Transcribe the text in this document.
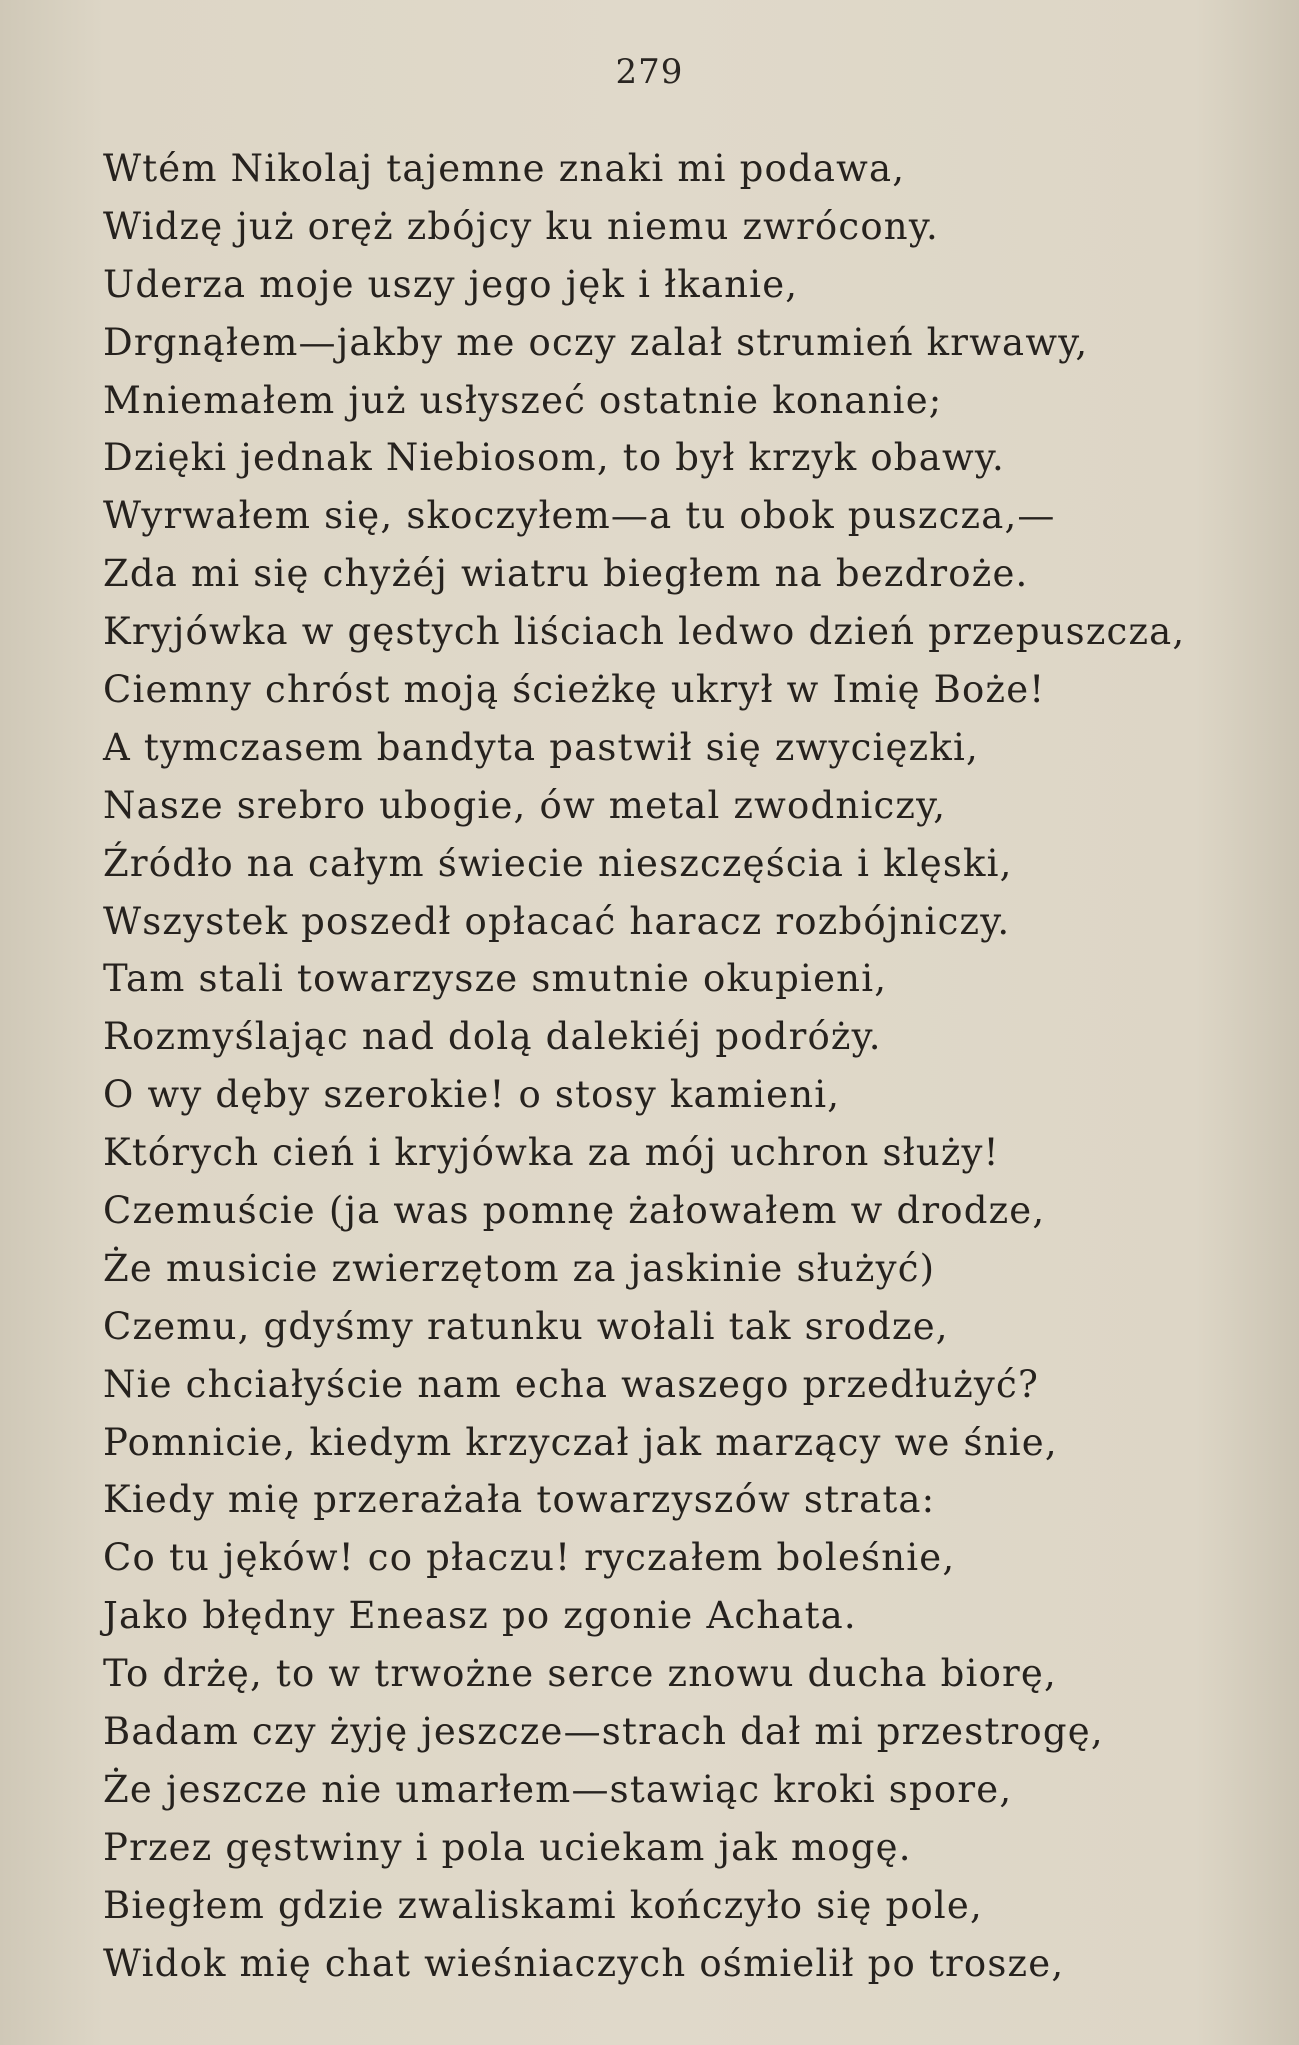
279
Wtém Nikolaj tajemne znaki mi podawa,
Widzę już oręż zbójcy ku niemu zwrócony.
Uderza moje uszy jego jęk i łkanie,
Drgnąłem—jakby me oczy zalał strumień krwawy,
Mniemałem już usłyszeć ostatnie konanie;
Dzięki jednak Niebiosom, to był krzyk obawy.
Wyrwałem się, skoczyłem—a tu obok puszcza,—
Zda mi się chyżéj wiatru biegłem na bezdroże.
Kryjówka w gęstych liściach ledwo dzień przepuszcza,
Ciemny chróst moją ścieżkę ukrył w Imię Boże!
A tymczasem bandyta pastwił się zwycięzki,
Nasze srebro ubogie, ów metal zwodniczy,
Źródło na całym świecie nieszczęścia i klęski,
Wszystek poszedł opłacać haracz rozbójniczy.
Tam stali towarzysze smutnie okupieni,
Rozmyślając nad dolą dalekiéj podróży.
O wy dęby szerokie! o stosy kamieni,
Których cień i kryjówka za mój uchron służy!
Czemuście (ja was pomnę żałowałem w drodze,
Że musicie zwierzętom za jaskinie służyć)
Czemu, gdyśmy ratunku wołali tak srodze,
Nie chciałyście nam echa waszego przedłużyć?
Pomnicie, kiedym krzyczał jak marzący we śnie,
Kiedy mię przerażała towarzyszów strata:
Co tu jęków! co płaczu! ryczałem boleśnie,
Jako błędny Eneasz po zgonie Achata.
To drżę, to w trwożne serce znowu ducha biorę,
Badam czy żyję jeszcze—strach dał mi przestrogę,
Że jeszcze nie umarłem—stawiąc kroki spore,
Przez gęstwiny i pola uciekam jak mogę.
Biegłem gdzie zwaliskami kończyło się pole,
Widok mię chat wieśniaczych ośmielił po trosze,
